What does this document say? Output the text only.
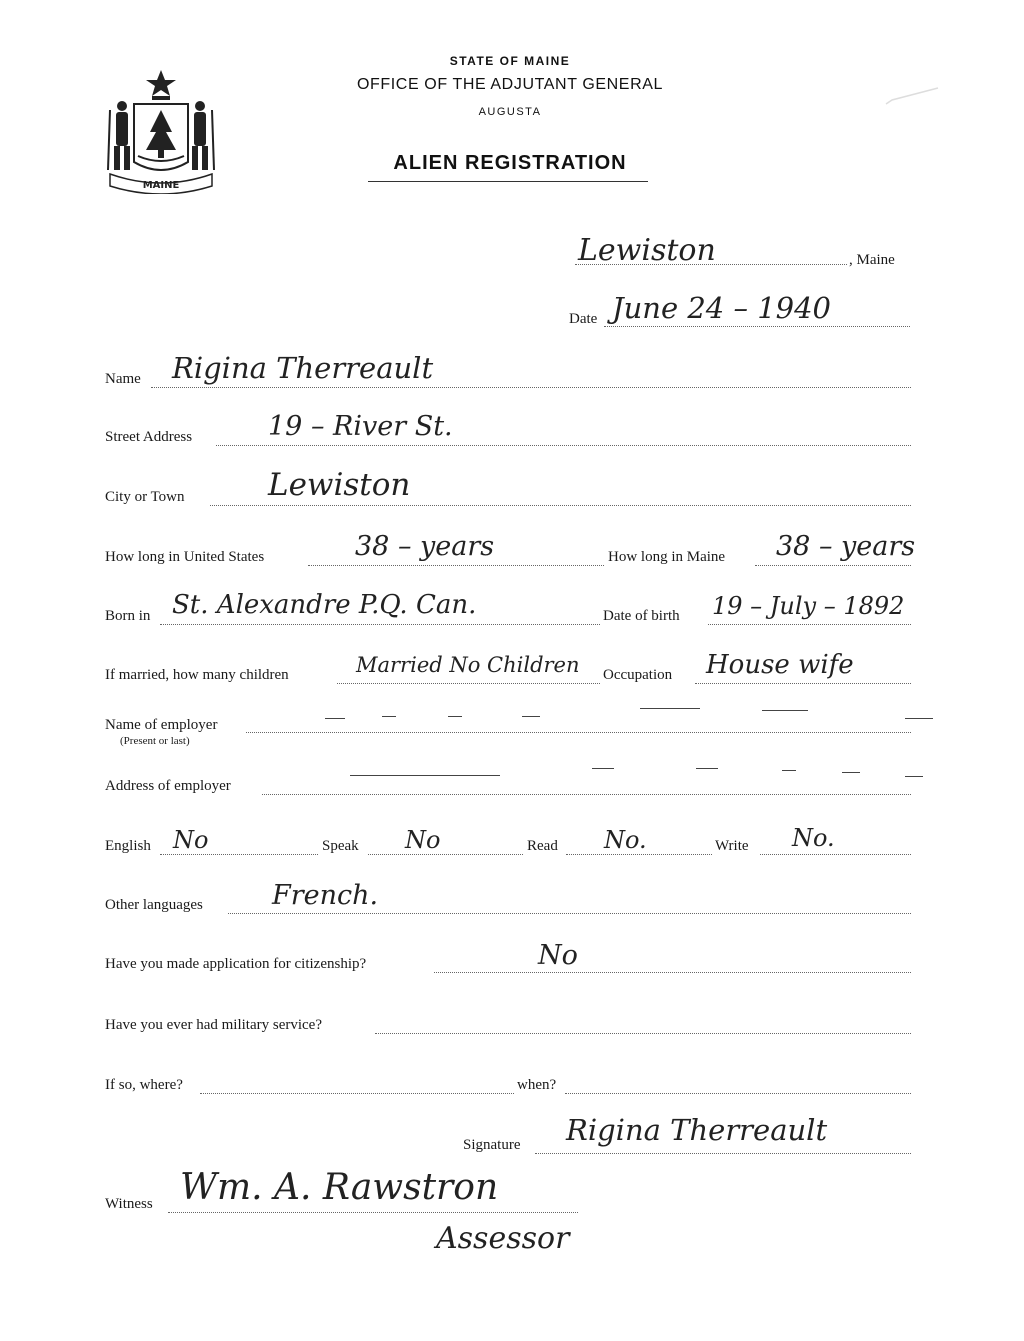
MAINE
STATE OF MAINE
OFFICE OF THE ADJUTANT GENERAL
AUGUSTA
ALIEN REGISTRATION
Lewiston	, Maine
Date June 24 – 1940
Name Rigina Therreault
Street Address	19 – River St.
City or Town	Lewiston
How long in United States	38 – years	How long in Maine 38 – years
Born in St. Alexandre P.Q. Can.	Date of birth 19 – July – 1892
If married, how many children	Married No Children Occupation House wife
Name of employer
(Present or last)
Address of employer
English No	Speak No	Read No.	Write No.
Other languages	French.
Have you made application for citizenship?	No
Have you ever had military service?
If so, where?	when?
Signature Rigina Therreault
Witness Wm. A. Rawstron
Assessor
